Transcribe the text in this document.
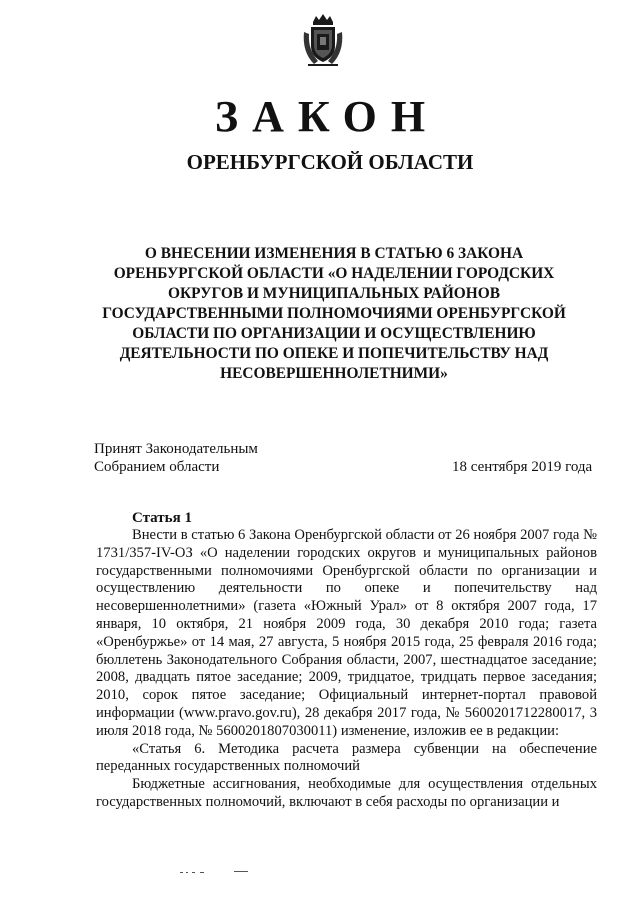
ЗАКОН
ОРЕНБУРГСКОЙ ОБЛАСТИ
О ВНЕСЕНИИ ИЗМЕНЕНИЯ В СТАТЬЮ 6 ЗАКОНА
ОРЕНБУРГСКОЙ ОБЛАСТИ «О НАДЕЛЕНИИ ГОРОДСКИХ
ОКРУГОВ И МУНИЦИПАЛЬНЫХ РАЙОНОВ
ГОСУДАРСТВЕННЫМИ ПОЛНОМОЧИЯМИ ОРЕНБУРГСКОЙ
ОБЛАСТИ ПО ОРГАНИЗАЦИИ И ОСУЩЕСТВЛЕНИЮ
ДЕЯТЕЛЬНОСТИ ПО ОПЕКЕ И ПОПЕЧИТЕЛЬСТВУ НАД
НЕСОВЕРШЕННОЛЕТНИМИ»
Принят Законодательным
Собранием области	18 сентября 2019 года
Статья 1

Внести в статью 6 Закона Оренбургской области от 26 ноября 2007 года № 1731/357-IV-ОЗ «О наделении городских округов и муниципальных районов государственными полномочиями Оренбургской области по организации и осуществлению деятельности по опеке и попечительству над несовершеннолетними» (газета «Южный Урал» от 8 октября 2007 года, 17 января, 10 октября, 21 ноября 2009 года, 30 декабря 2010 года; газета «Оренбуржье» от 14 мая, 27 августа, 5 ноября 2015 года, 25 февраля 2016 года; бюллетень Законодательного Собрания области, 2007, шестнадцатое заседание; 2008, двадцать пятое заседание; 2009, тридцатое, тридцать первое заседания; 2010, сорок пятое заседание; Официальный интернет-портал правовой информации (www.pravo.gov.ru), 28 декабря 2017 года, № 5600201712280017, 3 июля 2018 года, № 5600201807030011) изменение, изложив ее в редакции:

«Статья 6. Методика расчета размера субвенции на обеспечение переданных государственных полномочий

Бюджетные ассигнования, необходимые для осуществления отдельных государственных полномочий, включают в себя расходы по организации и
